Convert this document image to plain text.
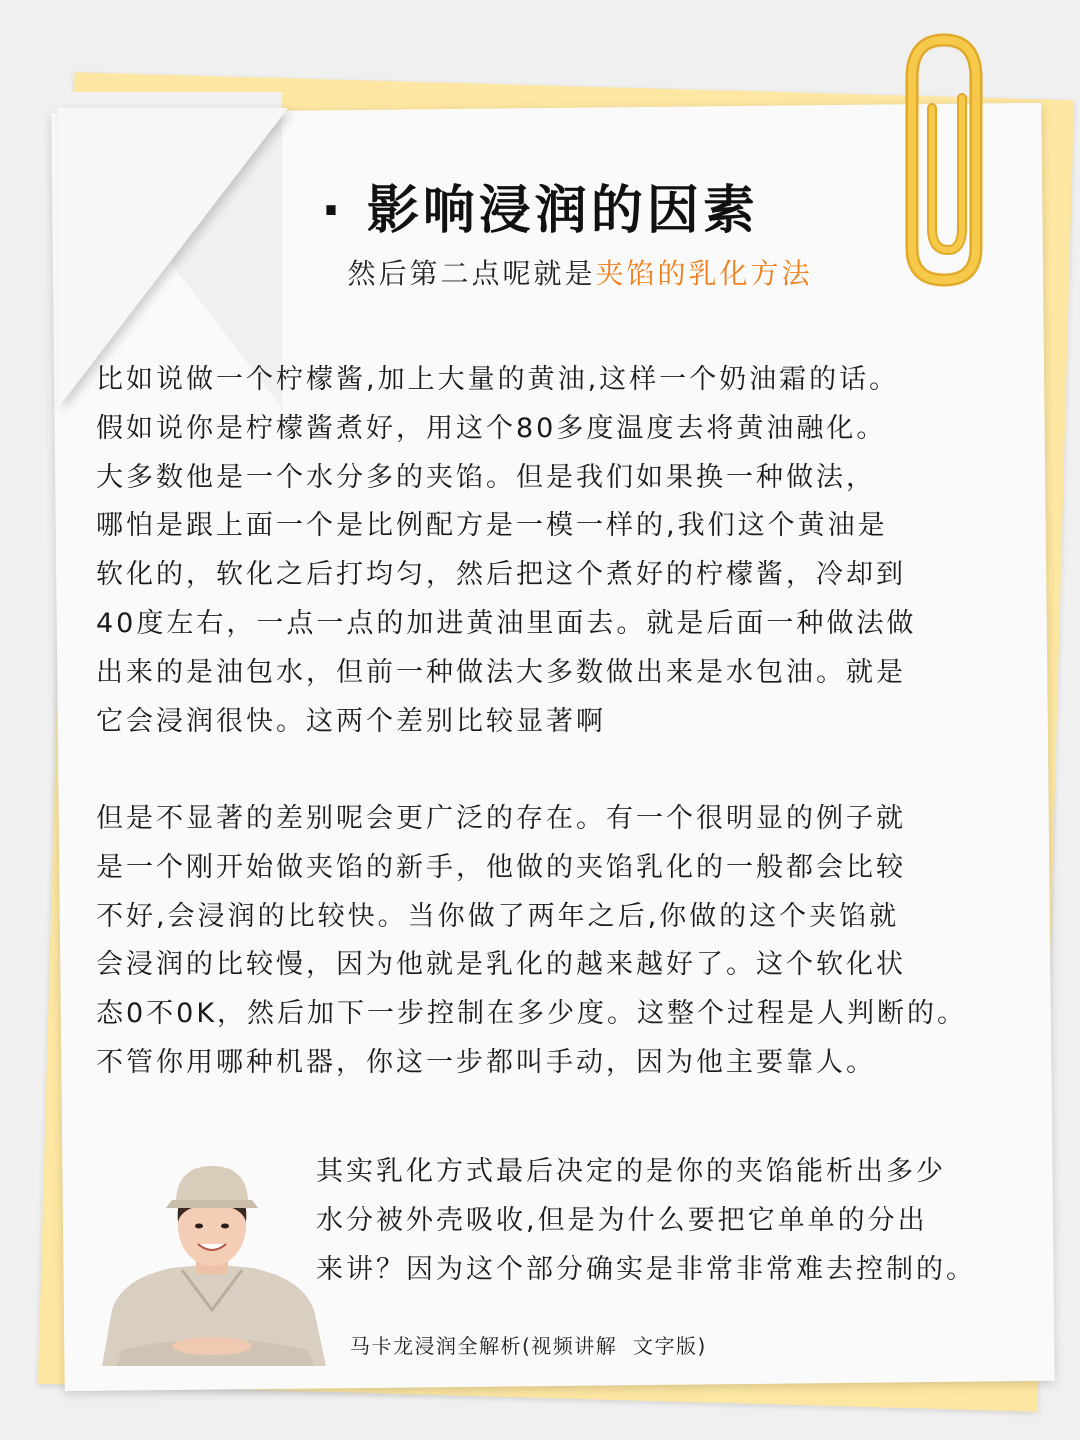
· 影响浸润的因素
然后第二点呢就是夹馅的乳化方法

比如说做一个柠檬酱,加上大量的黄油,这样一个奶油霜的话。
假如说你是柠檬酱煮好，用这个80多度温度去将黄油融化。
大多数他是一个水分多的夹馅。但是我们如果换一种做法，
哪怕是跟上面一个是比例配方是一模一样的,我们这个黄油是
软化的，软化之后打均匀，然后把这个煮好的柠檬酱，冷却到
40度左右，一点一点的加进黄油里面去。就是后面一种做法做
出来的是油包水，但前一种做法大多数做出来是水包油。就是
它会浸润很快。这两个差别比较显著啊

但是不显著的差别呢会更广泛的存在。有一个很明显的例子就
是一个刚开始做夹馅的新手，他做的夹馅乳化的一般都会比较
不好,会浸润的比较快。当你做了两年之后,你做的这个夹馅就
会浸润的比较慢，因为他就是乳化的越来越好了。这个软化状
态0不0K，然后加下一步控制在多少度。这整个过程是人判断的。
不管你用哪种机器，你这一步都叫手动，因为他主要靠人。

其实乳化方式最后决定的是你的夹馅能析出多少
水分被外壳吸收,但是为什么要把它单单的分出
来讲？因为这个部分确实是非常非常难去控制的。

马卡龙浸润全解析(视频讲解  文字版)
